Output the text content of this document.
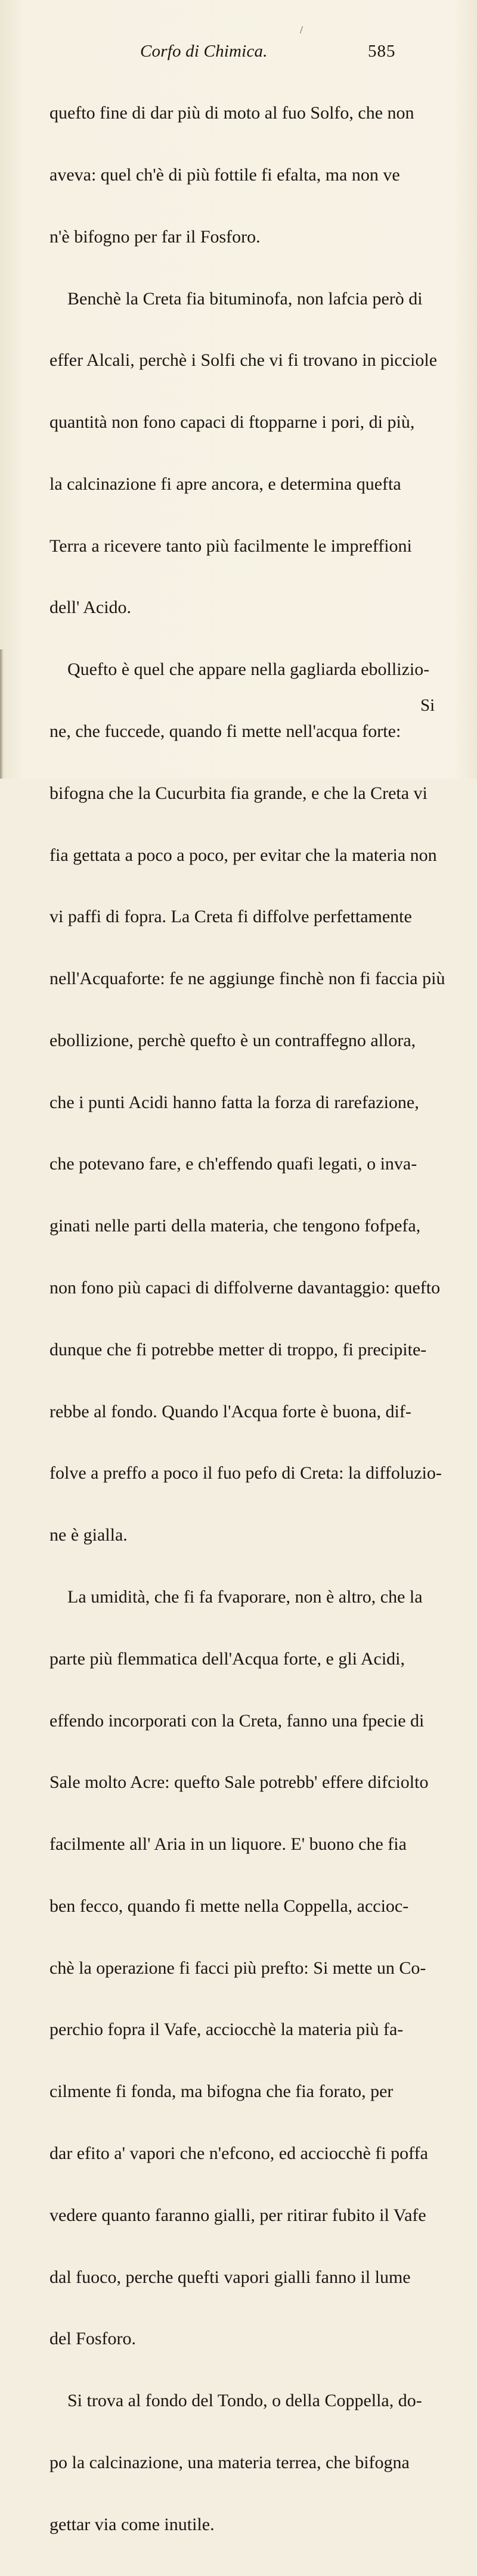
/
Corfo di Chimica.	585

quefto fine di dar più di moto al fuo Solfo, che non

aveva: quel ch'è di più fottile fi efalta, ma non ve

n'è bifogno per far il Fosforo.

Benchè la Creta fia bituminofa, non lafcia però di

effer Alcali, perchè i Solfi che vi fi trovano in picciole

quantità non fono capaci di ftopparne i pori, di più,

la calcinazione fi apre ancora, e determina quefta

Terra a ricevere tanto più facilmente le impreffioni

dell' Acido.

Quefto è quel che appare nella gagliarda ebollizio-

ne, che fuccede, quando fi mette nell'acqua forte:

bifogna che la Cucurbita fia grande, e che la Creta vi

fia gettata a poco a poco, per evitar che la materia non

vi paffi di fopra. La Creta fi diffolve perfettamente

nell'Acquaforte: fe ne aggiunge finchè non fi faccia più

ebollizione, perchè quefto è un contraffegno allora,

che i punti Acidi hanno fatta la forza di rarefazione,

che potevano fare, e ch'effendo quafi legati, o inva-

ginati nelle parti della materia, che tengono fofpefa,

non fono più capaci di diffolverne davantaggio: quefto

dunque che fi potrebbe metter di troppo, fi precipite-

rebbe al fondo. Quando l'Acqua forte è buona, dif-

folve a preffo a poco il fuo pefo di Creta: la diffoluzio-

ne è gialla.

La umidità, che fi fa fvaporare, non è altro, che la

parte più flemmatica dell'Acqua forte, e gli Acidi,

effendo incorporati con la Creta, fanno una fpecie di

Sale molto Acre: quefto Sale potrebb' effere difciolto

facilmente all' Aria in un liquore. E' buono che fia

ben fecco, quando fi mette nella Coppella, accioc-

chè la operazione fi facci più prefto: Si mette un Co-

perchio fopra il Vafe, acciocchè la materia più fa-

cilmente fi fonda, ma bifogna che fia forato, per

dar efito a' vapori che n'efcono, ed acciocchè fi poffa

vedere quanto faranno gialli, per ritirar fubito il Vafe

dal fuoco, perche quefti vapori gialli fanno il lume

del Fosforo.

Si trova al fondo del Tondo, o della Coppella, do-

po la calcinazione, una materia terrea, che bifogna

gettar via come inutile.

Si
